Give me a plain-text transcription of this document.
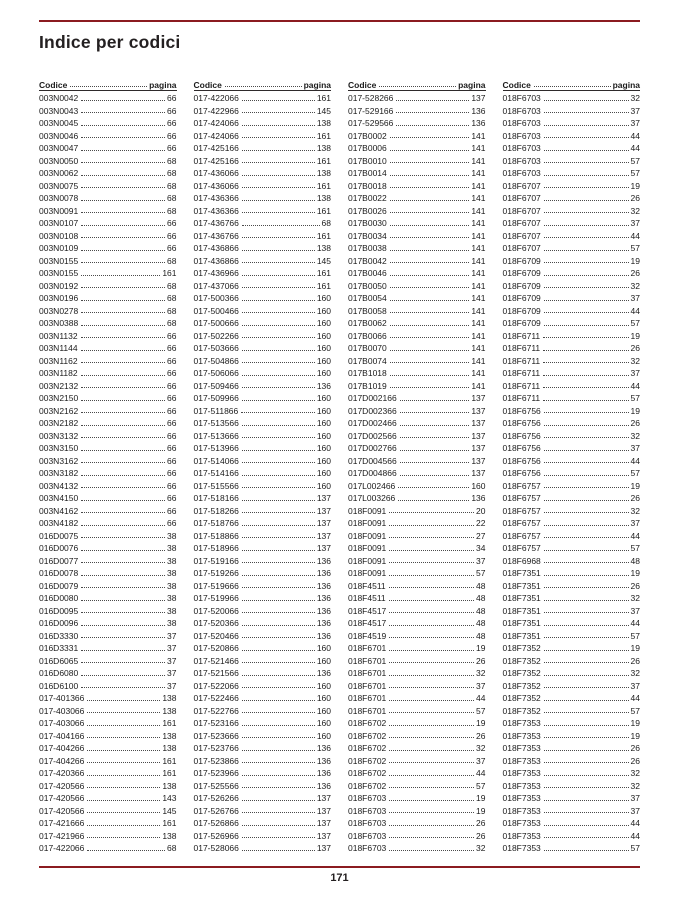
Indice per codici
Codice	pagina
003N0042	66
003N0043	66
003N0045	66
003N0046	66
003N0047	66
003N0050	68
003N0062	68
003N0075	68
003N0078	68
003N0091	68
003N0107	66
003N0108	66
003N0109	66
003N0155	68
003N0155	161
003N0192	68
003N0196	68
003N0278	68
003N0388	68
003N1132	66
003N1144	66
003N1162	66
003N1182	66
003N2132	66
003N2150	66
003N2162	66
003N2182	66
003N3132	66
003N3150	66
003N3162	66
003N3182	66
003N4132	66
003N4150	66
003N4162	66
003N4182	66
016D0075	38
016D0076	38
016D0077	38
016D0078	38
016D0079	38
016D0080	38
016D0095	38
016D0096	38
016D3330	37
016D3331	37
016D6065	37
016D6080	37
016D6100	37
017-401366	138
017-403066	138
017-403066	161
017-404166	138
017-404266	138
017-404266	161
017-420366	161
017-420566	138
017-420566	143
017-420566	145
017-421666	161
017-421966	138
017-422066	68
Codice	pagina
017-422066	161
017-422966	145
017-424066	138
017-424066	161
017-425166	138
017-425166	161
017-436066	138
017-436066	161
017-436366	138
017-436366	161
017-436766	68
017-436766	161
017-436866	138
017-436866	145
017-436966	161
017-437066	161
017-500366	160
017-500466	160
017-500666	160
017-502266	160
017-503666	160
017-504866	160
017-506066	160
017-509466	136
017-509966	160
017-511866	160
017-513566	160
017-513666	160
017-513966	160
017-514066	160
017-514166	160
017-515566	160
017-518166	137
017-518266	137
017-518766	137
017-518866	137
017-518966	137
017-519166	136
017-519266	136
017-519666	136
017-519966	136
017-520066	136
017-520366	136
017-520466	136
017-520866	160
017-521466	160
017-521566	136
017-522066	160
017-522466	160
017-522766	160
017-523166	160
017-523666	160
017-523766	136
017-523866	136
017-523966	136
017-525566	136
017-526266	137
017-526766	137
017-526866	137
017-526966	137
017-528066	137
Codice	pagina
017-528266	137
017-529166	136
017-529566	136
017B0002	141
017B0006	141
017B0010	141
017B0014	141
017B0018	141
017B0022	141
017B0026	141
017B0030	141
017B0034	141
017B0038	141
017B0042	141
017B0046	141
017B0050	141
017B0054	141
017B0058	141
017B0062	141
017B0066	141
017B0070	141
017B0074	141
017B1018	141
017B1019	141
017D002166	137
017D002366	137
017D002466	137
017D002566	137
017D002766	137
017D004566	137
017D004866	137
017L002466	160
017L003266	136
018F0091	20
018F0091	22
018F0091	27
018F0091	34
018F0091	37
018F0091	57
018F4511	48
018F4511	48
018F4517	48
018F4517	48
018F4519	48
018F6701	19
018F6701	26
018F6701	32
018F6701	37
018F6701	44
018F6701	57
018F6702	19
018F6702	26
018F6702	32
018F6702	37
018F6702	44
018F6702	57
018F6703	19
018F6703	19
018F6703	26
018F6703	26
018F6703	32
Codice	pagina
018F6703	32
018F6703	37
018F6703	37
018F6703	44
018F6703	44
018F6703	57
018F6703	57
018F6707	19
018F6707	26
018F6707	32
018F6707	37
018F6707	44
018F6707	57
018F6709	19
018F6709	26
018F6709	32
018F6709	37
018F6709	44
018F6709	57
018F6711	19
018F6711	26
018F6711	32
018F6711	37
018F6711	44
018F6711	57
018F6756	19
018F6756	26
018F6756	32
018F6756	37
018F6756	44
018F6756	57
018F6757	19
018F6757	26
018F6757	32
018F6757	37
018F6757	44
018F6757	57
018F6968	48
018F7351	19
018F7351	26
018F7351	32
018F7351	37
018F7351	44
018F7351	57
018F7352	19
018F7352	26
018F7352	32
018F7352	37
018F7352	44
018F7352	57
018F7353	19
018F7353	19
018F7353	26
018F7353	26
018F7353	32
018F7353	32
018F7353	37
018F7353	37
018F7353	44
018F7353	44
018F7353	57
171
